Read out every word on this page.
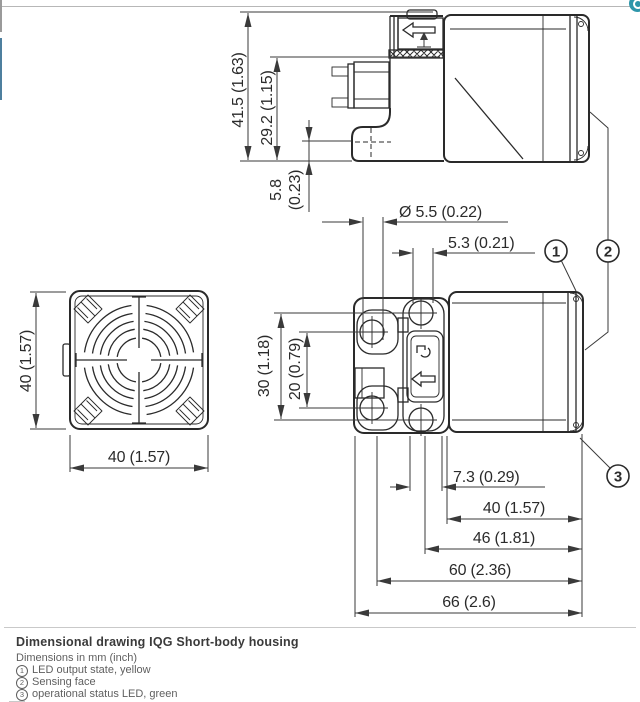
41.5 (1.63) 29.2 (1.15)
5.8 (0.23)
Ø 5.5 (0.22)
5.3 (0.21)
40 (1.57)
40 (1.57)
30 (1.18) 20 (0.79)
7.3 (0.29)
40 (1.57)
46 (1.81)
60 (2.36)
66 (2.6)
1	2
3
Dimensional drawing IQG Short-body housing
Dimensions in mm (inch)
1 LED output state, yellow
2 Sensing face
3 operational status LED, green
